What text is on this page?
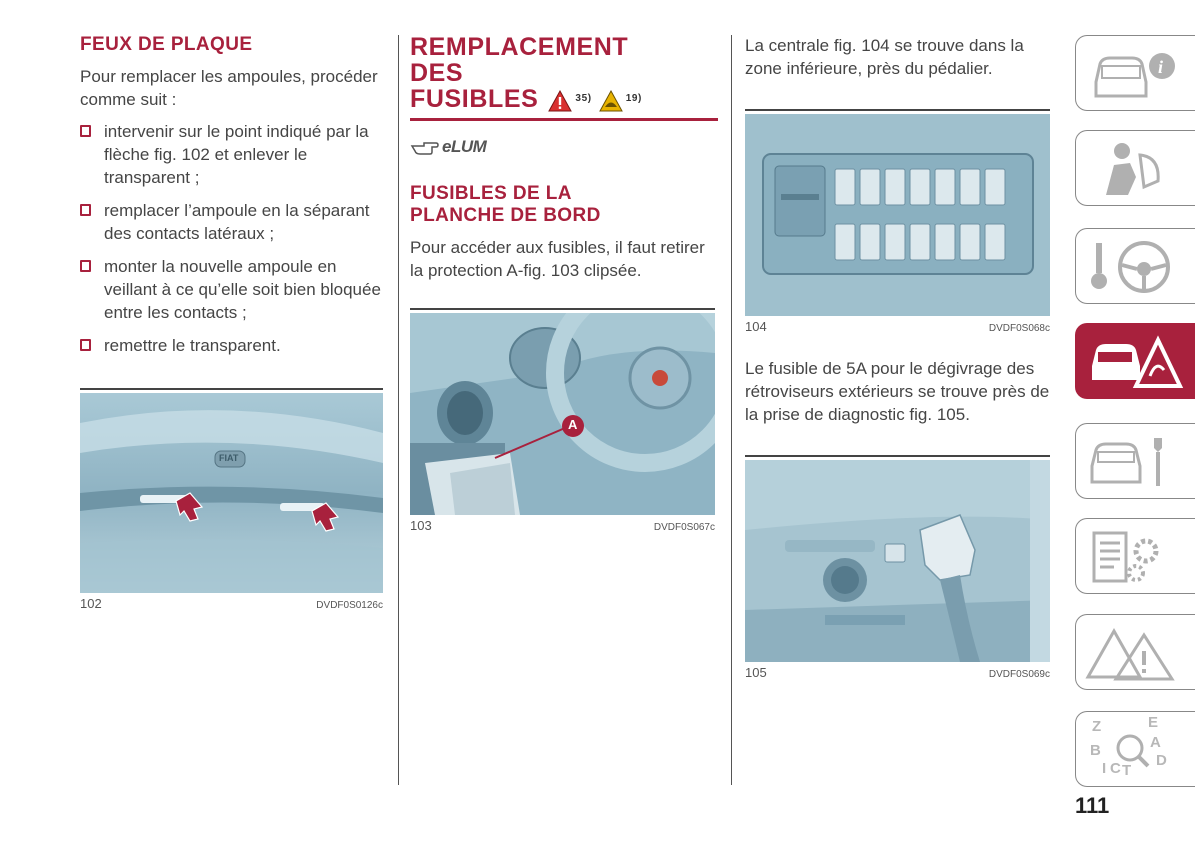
FEUX DE PLAQUE

Pour remplacer les ampoules, procéder comme suit :

intervenir sur le point indiqué par la flèche fig. 102 et enlever le transparent ;
remplacer l’ampoule en la séparant des contacts latéraux ;
monter la nouvelle ampoule en veillant à ce qu’elle soit bien bloquée entre les contacts ;
remettre le transparent.
FIAT
102	DVDF0S0126c
REMPLACEMENT
DES
FUSIBLES	35)	19)
eLUM
FUSIBLES DE LA
PLANCHE DE BORD

Pour accéder aux fusibles, il faut retirer la protection A-fig. 103 clipsée.

A
103	DVDF0S067c

La centrale fig. 104 se trouve dans la zone inférieure, près du pédalier.

104	DVDF0S068c

Le fusible de 5A pour le dégivrage des rétroviseurs extérieurs se trouve près de la prise de diagnostic fig. 105.

105	DVDF0S069c
i
Z	E
B	A
I C T
D
111
